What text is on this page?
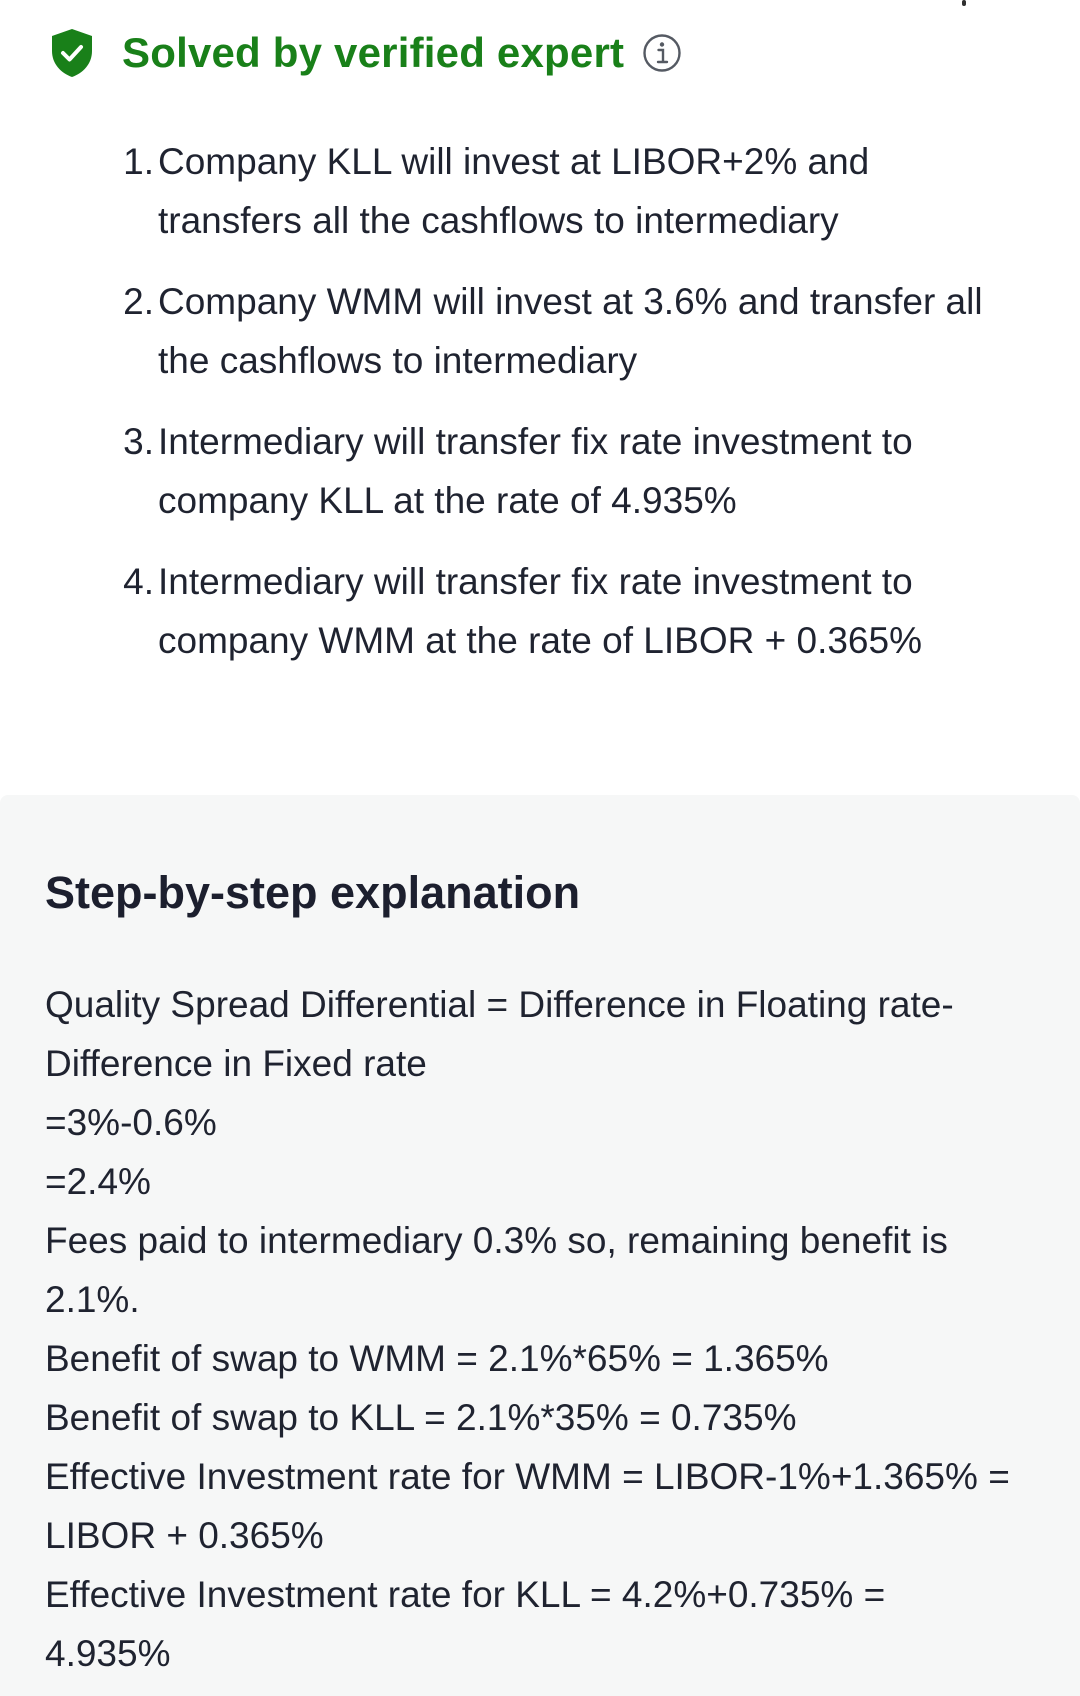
Solved by verified expert
1. Company KLL will invest at LIBOR+2% and
transfers all the cashflows to intermediary
2. Company WMM will invest at 3.6% and transfer all
the cashflows to intermediary
3. Intermediary will transfer fix rate investment to
company KLL at the rate of 4.935%
4. Intermediary will transfer fix rate investment to
company WMM at the rate of LIBOR + 0.365%
Step-by-step explanation
Quality Spread Differential = Difference in Floating rate-
Difference in Fixed rate
=3%-0.6%
=2.4%
Fees paid to intermediary 0.3% so, remaining benefit is
2.1%.
Benefit of swap to WMM = 2.1%*65% = 1.365%
Benefit of swap to KLL = 2.1%*35% = 0.735%
Effective Investment rate for WMM = LIBOR-1%+1.365% =
LIBOR + 0.365%
Effective Investment rate for KLL = 4.2%+0.735% =
4.935%
